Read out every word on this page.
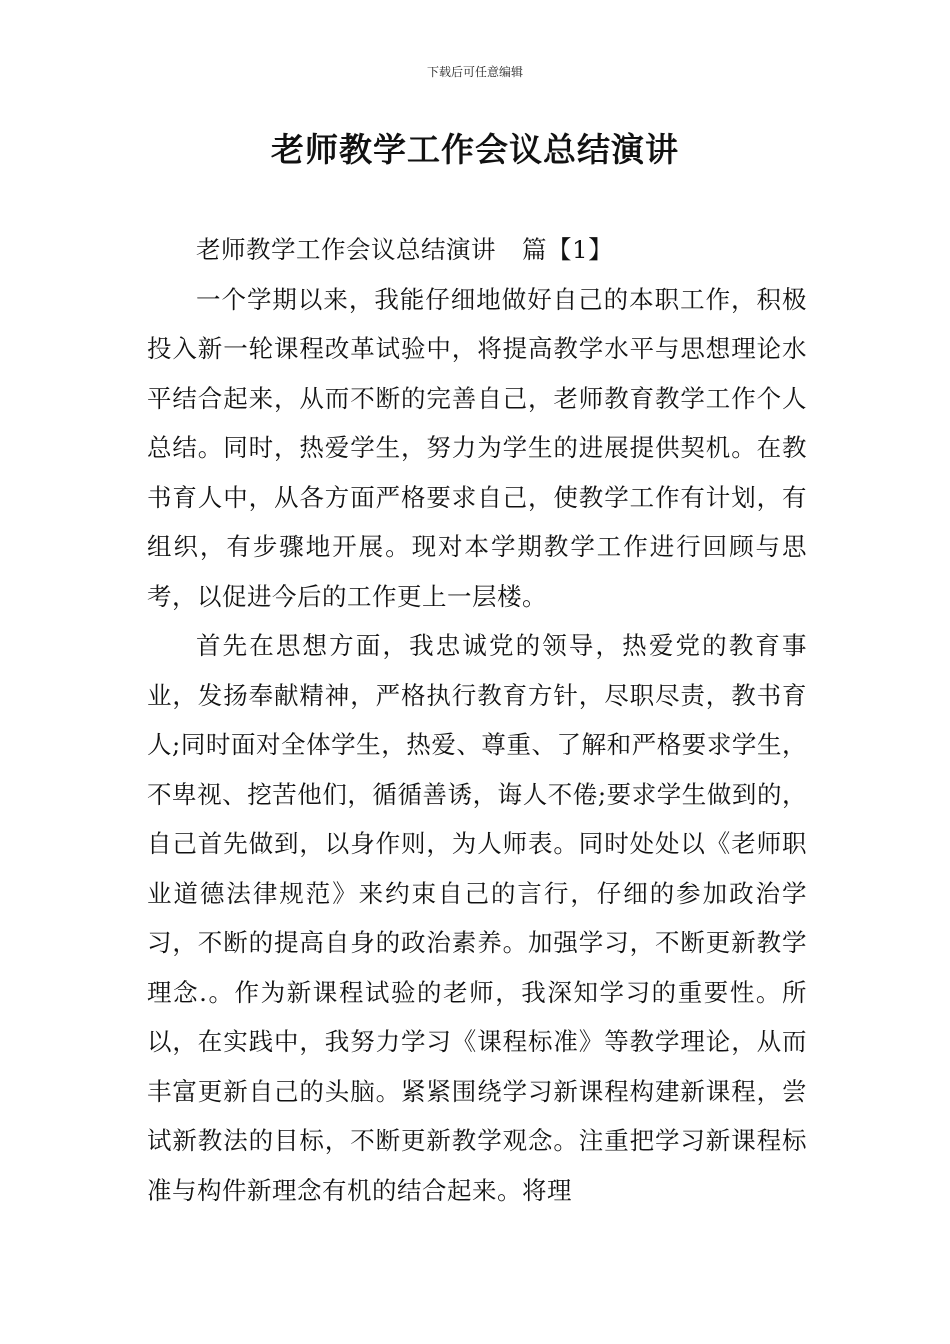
下载后可任意编辑
老师教学工作会议总结演讲

老师教学工作会议总结演讲 篇【1】

一个学期以来，我能仔细地做好自己的本职工作，积极投入新一轮课程改革试验中，将提高教学水平与思想理论水平结合起来，从而不断的完善自己，老师教育教学工作个人总结。同时，热爱学生，努力为学生的进展提供契机。在教书育人中，从各方面严格要求自己，使教学工作有计划，有组织，有步骤地开展。现对本学期教学工作进行回顾与思考，以促进今后的工作更上一层楼。

首先在思想方面，我忠诚党的领导，热爱党的教育事业，发扬奉献精神，严格执行教育方针，尽职尽责，教书育人;同时面对全体学生，热爱、尊重、了解和严格要求学生，不卑视、挖苦他们，循循善诱，诲人不倦;要求学生做到的，自己首先做到，以身作则，为人师表。同时处处以《老师职业道德法律规范》来约束自己的言行，仔细的参加政治学习，不断的提高自身的政治素养。加强学习，不断更新教学理念.。作为新课程试验的老师，我深知学习的重要性。所以，在实践中，我努力学习《课程标准》等教学理论，从而丰富更新自己的头脑。紧紧围绕学习新课程构建新课程，尝试新教法的目标，不断更新教学观念。注重把学习新课程标准与构件新理念有机的结合起来。将理
